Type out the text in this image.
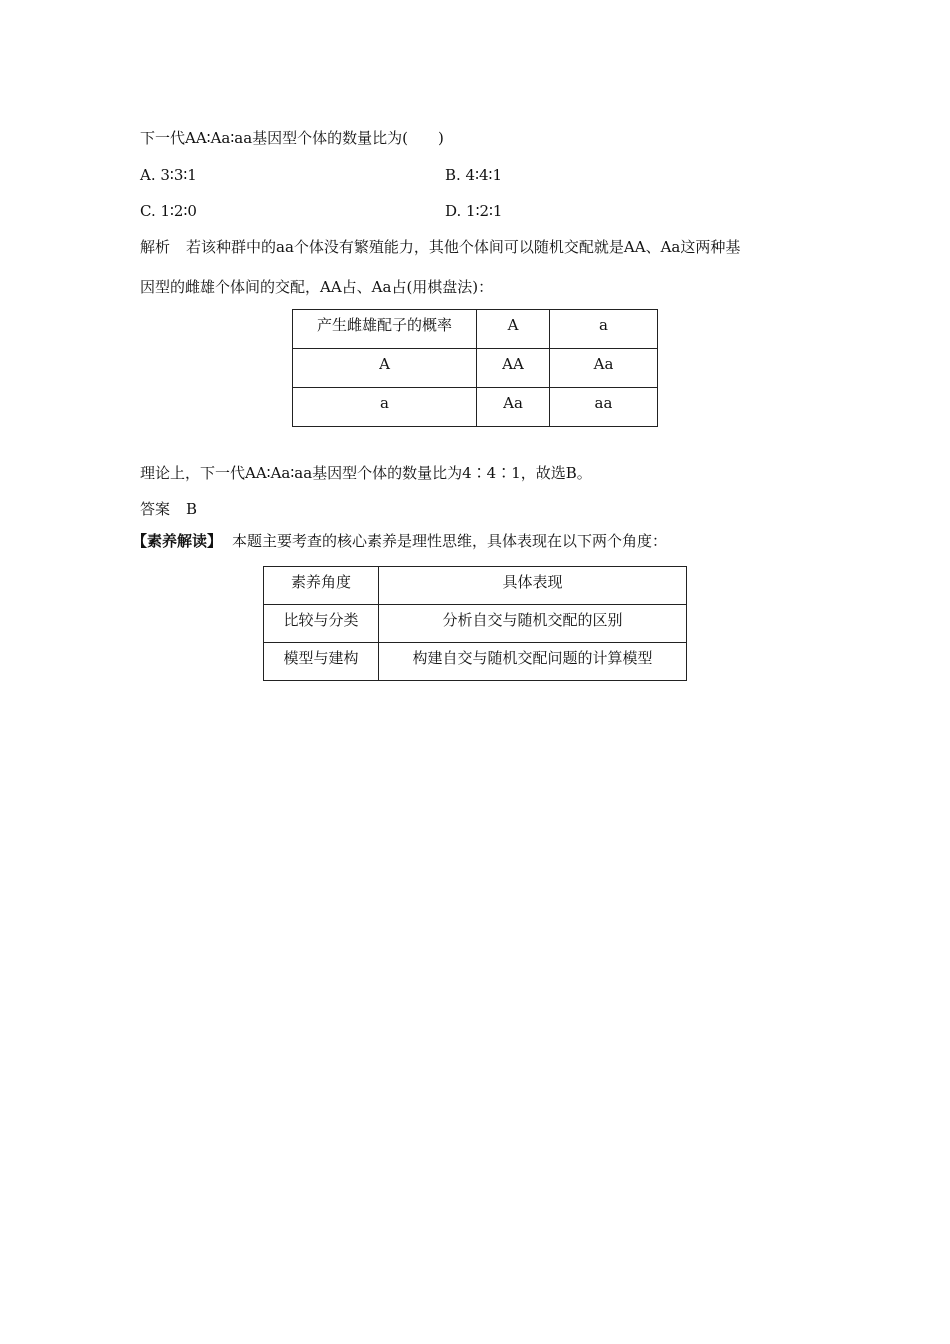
下一代AA∶Aa∶aa基因型个体的数量比为(　　)
A. 3∶3∶1	B. 4∶4∶1
C. 1∶2∶0	D. 1∶2∶1
解析 若该种群中的aa个体没有繁殖能力，其他个体间可以随机交配就是AA、Aa这两种基
因型的雌雄个体间的交配，AA占、Aa占(用棋盘法)：
产生雌雄配子的概率	A	a
A	AA	Aa
a	Aa	aa
理论上，下一代AA∶Aa∶aa基因型个体的数量比为4∶4∶1，故选B。
答案 B
【素养解读】 本题主要考查的核心素养是理性思维，具体表现在以下两个角度：
素养角度	具体表现
比较与分类	分析自交与随机交配的区别
模型与建构	构建自交与随机交配问题的计算模型
